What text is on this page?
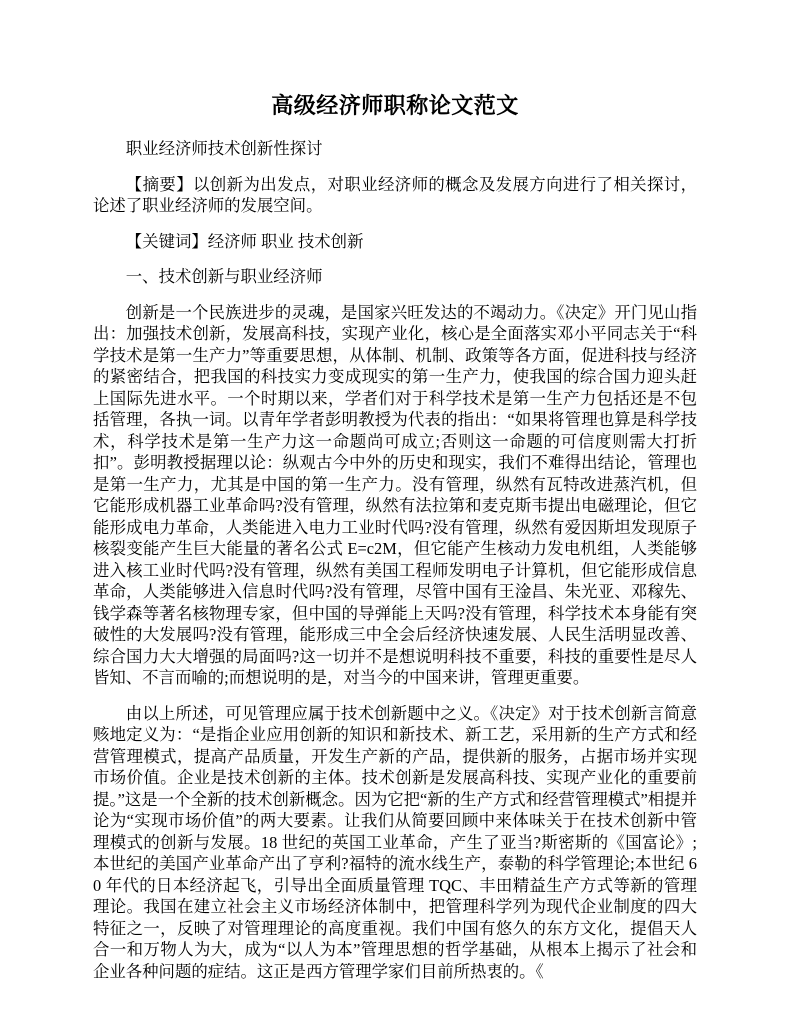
高级经济师职称论文范文

职业经济师技术创新性探讨

【摘要】以创新为出发点，对职业经济师的概念及发展方向进行了相关探讨，论述了职业经济师的发展空间。

【关键词】经济师 职业 技术创新

一、技术创新与职业经济师

创新是一个民族进步的灵魂，是国家兴旺发达的不竭动力。《决定》开门见山指出：加强技术创新，发展高科技，实现产业化，核心是全面落实邓小平同志关于“科学技术是第一生产力”等重要思想，从体制、机制、政策等各方面，促进科技与经济的紧密结合，把我国的科技实力变成现实的第一生产力，使我国的综合国力迎头赶上国际先进水平。一个时期以来，学者们对于科学技术是第一生产力包括还是不包括管理，各执一词。以青年学者彭明教授为代表的指出：“如果将管理也算是科学技术，科学技术是第一生产力这一命题尚可成立;否则这一命题的可信度则需大打折扣”。彭明教授据理以论：纵观古今中外的历史和现实，我们不难得出结论，管理也是第一生产力，尤其是中国的第一生产力。没有管理，纵然有瓦特改进蒸汽机，但它能形成机器工业革命吗?没有管理，纵然有法拉第和麦克斯韦提出电磁理论，但它能形成电力革命，人类能进入电力工业时代吗?没有管理，纵然有爱因斯坦发现原子核裂变能产生巨大能量的著名公式 E=c2M，但它能产生核动力发电机组，人类能够进入核工业时代吗?没有管理，纵然有美国工程师发明电子计算机，但它能形成信息革命，人类能够进入信息时代吗?没有管理，尽管中国有王淦昌、朱光亚、邓稼先、钱学森等著名核物理专家，但中国的导弹能上天吗?没有管理，科学技术本身能有突破性的大发展吗?没有管理，能形成三中全会后经济快速发展、人民生活明显改善、综合国力大大增强的局面吗?这一切并不是想说明科技不重要，科技的重要性是尽人皆知、不言而喻的;而想说明的是，对当今的中国来讲，管理更重要。

由以上所述，可见管理应属于技术创新题中之义。《决定》对于技术创新言简意赅地定义为：“是指企业应用创新的知识和新技术、新工艺，采用新的生产方式和经营管理模式，提高产品质量，开发生产新的产品，提供新的服务，占据市场并实现市场价值。企业是技术创新的主体。技术创新是发展高科技、实现产业化的重要前提。”这是一个全新的技术创新概念。因为它把“新的生产方式和经营管理模式”相提并论为“实现市场价值”的两大要素。让我们从简要回顾中来体味关于在技术创新中管理模式的创新与发展。18 世纪的英国工业革命，产生了亚当?斯密斯的《国富论》;本世纪的美国产业革命产出了亨利?福特的流水线生产，泰勒的科学管理论;本世纪 60 年代的日本经济起飞，引导出全面质量管理 TQC、丰田精益生产方式等新的管理理论。我国在建立社会主义市场经济体制中，把管理科学列为现代企业制度的四大特征之一，反映了对管理理论的高度重视。我们中国有悠久的东方文化，提倡天人合一和万物人为大，成为“以人为本”管理思想的哲学基础，从根本上揭示了社会和企业各种问题的症结。这正是西方管理学家们目前所热衷的。《
